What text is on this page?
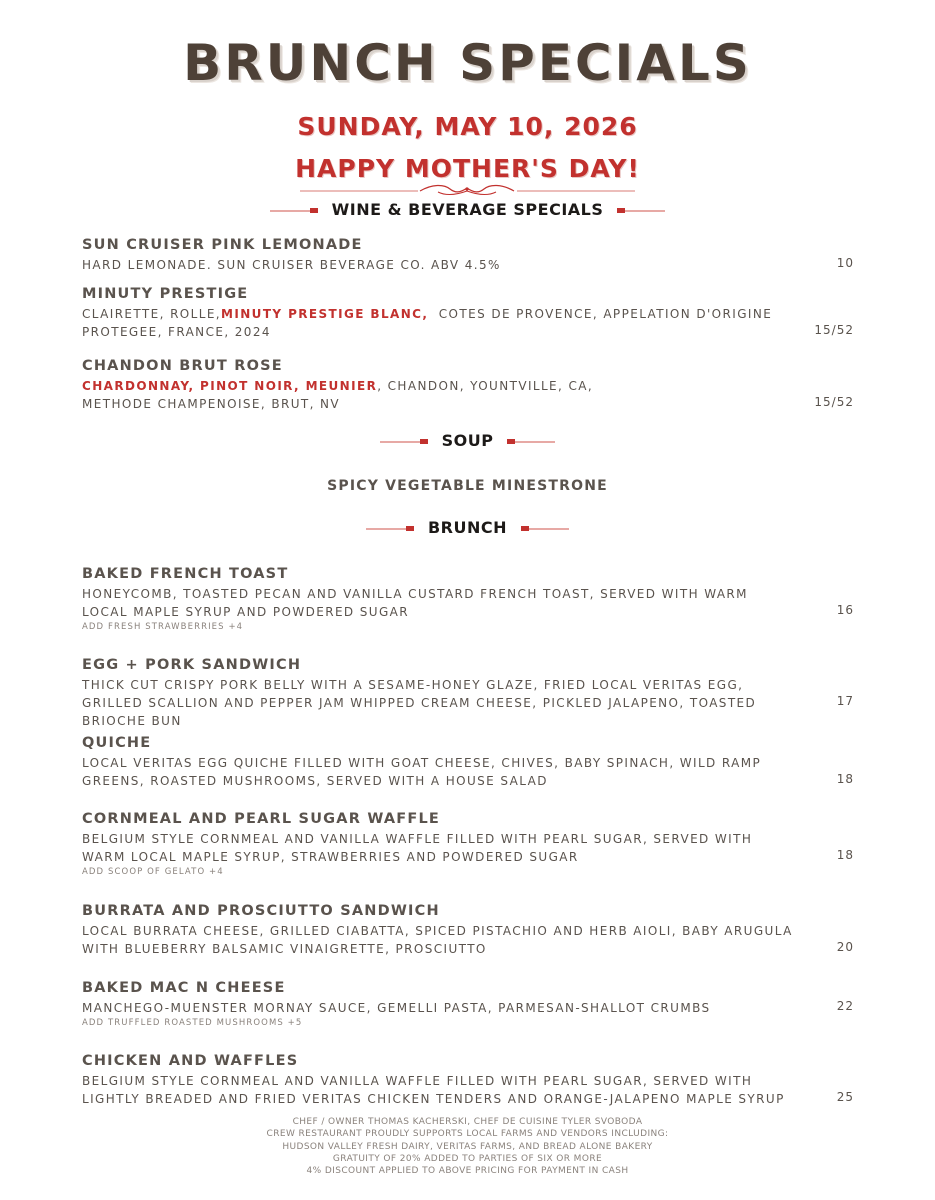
BRUNCH SPECIALS
SUNDAY, MAY 10, 2026
HAPPY MOTHER'S DAY!
WINE & BEVERAGE SPECIALS
SUN CRUISER PINK LEMONADE
HARD LEMONADE. SUN CRUISER BEVERAGE CO. ABV 4.5%	10
MINUTY PRESTIGE
CLAIRETTE, ROLLE,MINUTY PRESTIGE BLANC,  COTES DE PROVENCE, APPELATION D'ORIGINE PROTEGEE, FRANCE, 2024	15/52
CHANDON BRUT ROSE
CHARDONNAY, PINOT NOIR, MEUNIER, CHANDON, YOUNTVILLE, CA,
METHODE CHAMPENOISE, BRUT, NV	15/52
SOUP
SPICY VEGETABLE MINESTRONE
BRUNCH
BAKED FRENCH TOAST
HONEYCOMB, TOASTED PECAN AND VANILLA CUSTARD FRENCH TOAST, SERVED WITH WARM LOCAL MAPLE SYRUP AND POWDERED SUGAR
ADD FRESH STRAWBERRIES +4
16
EGG + PORK SANDWICH
THICK CUT CRISPY PORK BELLY WITH A SESAME-HONEY GLAZE, FRIED LOCAL VERITAS EGG, GRILLED SCALLION AND PEPPER JAM WHIPPED CREAM CHEESE, PICKLED JALAPENO, TOASTED BRIOCHE BUN
17
QUICHE
LOCAL VERITAS EGG QUICHE FILLED WITH GOAT CHEESE, CHIVES, BABY SPINACH, WILD RAMP GREENS, ROASTED MUSHROOMS, SERVED WITH A HOUSE SALAD	18
CORNMEAL AND PEARL SUGAR WAFFLE
BELGIUM STYLE CORNMEAL AND VANILLA WAFFLE FILLED WITH PEARL SUGAR, SERVED WITH
WARM LOCAL MAPLE SYRUP, STRAWBERRIES AND POWDERED SUGAR
ADD SCOOP OF GELATO +4
18
BURRATA AND PROSCIUTTO SANDWICH
LOCAL BURRATA CHEESE, GRILLED CIABATTA, SPICED PISTACHIO AND HERB AIOLI, BABY ARUGULA WITH BLUEBERRY BALSAMIC VINAIGRETTE, PROSCIUTTO	20
BAKED MAC N CHEESE
MANCHEGO-MUENSTER MORNAY SAUCE, GEMELLI PASTA, PARMESAN-SHALLOT CRUMBS
ADD TRUFFLED ROASTED MUSHROOMS +5
22
CHICKEN AND WAFFLES
BELGIUM STYLE CORNMEAL AND VANILLA WAFFLE FILLED WITH PEARL SUGAR, SERVED WITH
LIGHTLY BREADED AND FRIED VERITAS CHICKEN TENDERS AND ORANGE-JALAPENO MAPLE SYRUP	25
CHEF / OWNER THOMAS KACHERSKI, CHEF DE CUISINE TYLER SVOBODA
CREW RESTAURANT PROUDLY SUPPORTS LOCAL FARMS AND VENDORS INCLUDING:
HUDSON VALLEY FRESH DAIRY, VERITAS FARMS, AND BREAD ALONE BAKERY
GRATUITY OF 20% ADDED TO PARTIES OF SIX OR MORE
4% DISCOUNT APPLIED TO ABOVE PRICING FOR PAYMENT IN CASH
